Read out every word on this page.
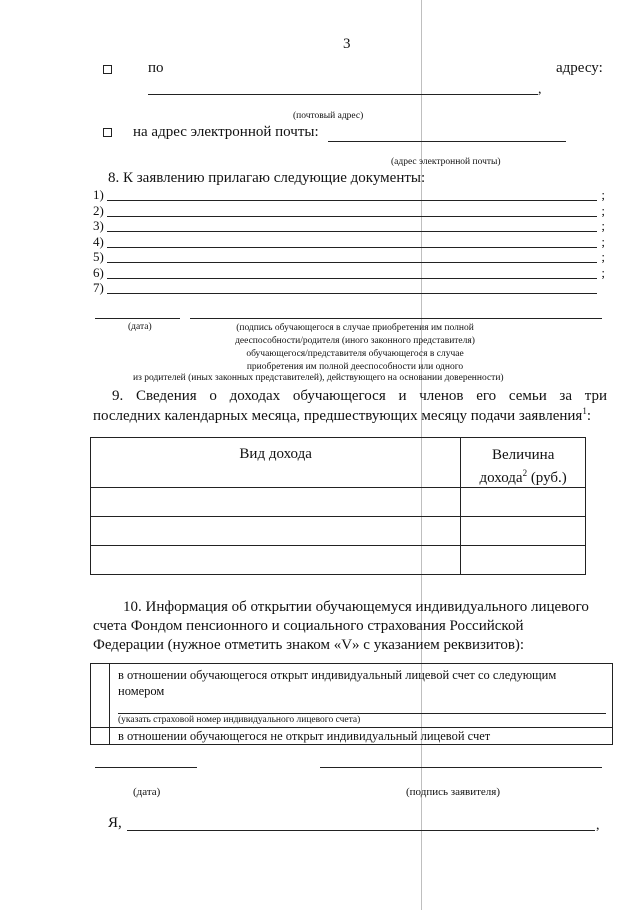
3
по	адресу:
,
(почтовый адрес)
на адрес электронной почты:
(адрес электронной почты)
8. К заявлению прилагаю следующие документы:
1)	;
2)	;
3)	;
4)	;
5)	;
6)	;
7)
(дата)	(подпись обучающегося в случае приобретения им полной
дееспособности/родителя (иного законного представителя)
обучающегося/представителя обучающегося в случае
приобретения им полной дееспособности или одного
из родителей (иных законных представителей), действующего на основании доверенности)
9. Сведения о доходах обучающегося и членов его семьи за три
последних календарных месяца, предшествующих месяцу подачи заявления$^1$:
Вид дохода	Величина
дохода$^2$ (руб.)

10. Информация об открытии обучающемуся индивидуального лицевого
счета Фондом пенсионного и социального страхования Российской
Федерации (нужное отметить знаком «V» с указанием реквизитов):

	в отношении обучающегося открыт индивидуальный лицевой счет со следующим
номером
(указать страховой номер индивидуального лицевого счета)

	в отношении обучающегося не открыт индивидуальный лицевой счет
(дата)	(подпись заявителя)
Я,	,
